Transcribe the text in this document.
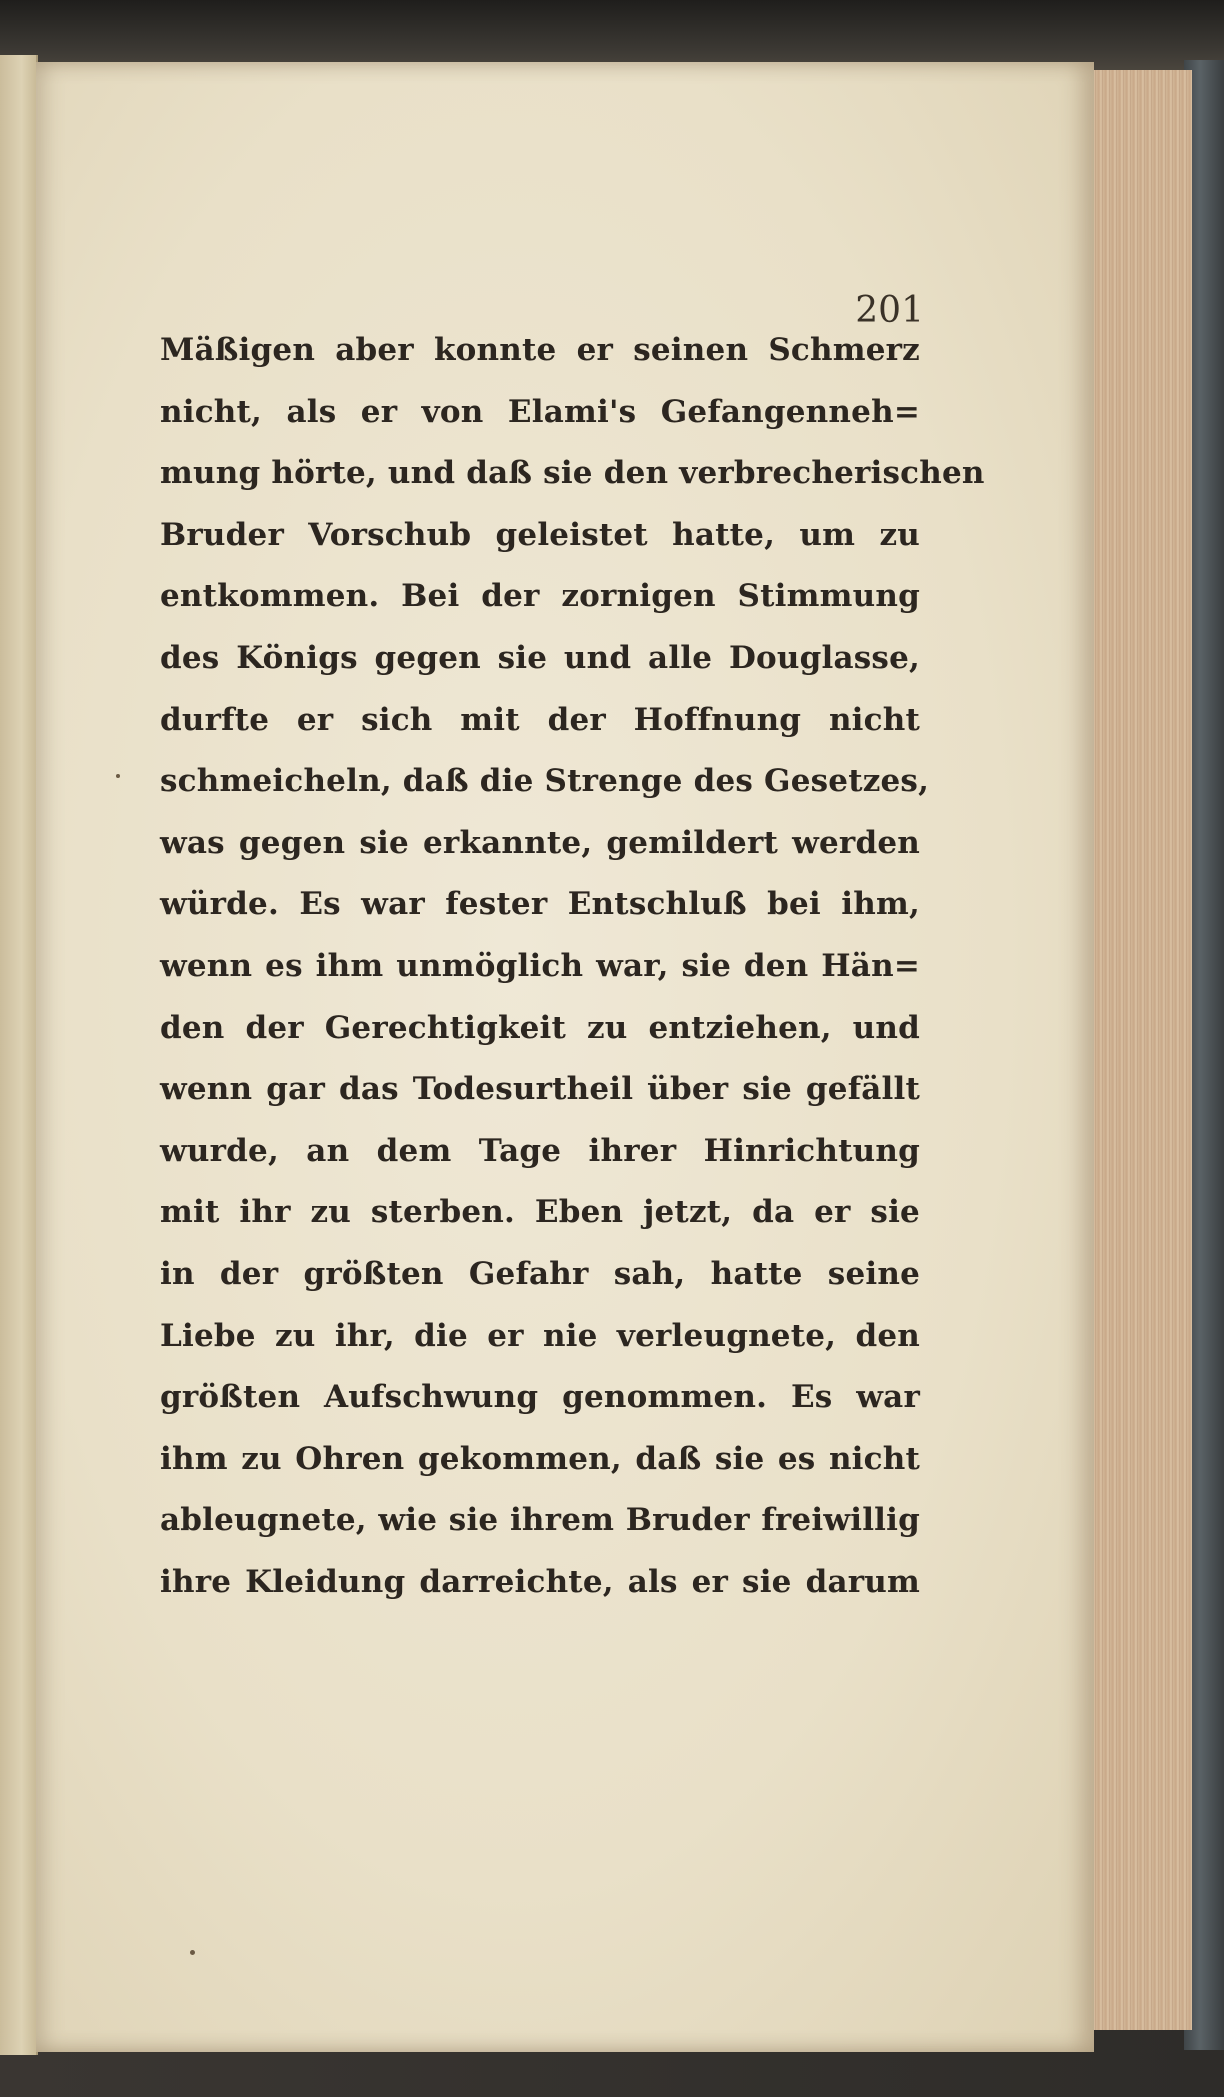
201
Mäßigen aber konnte er seinen Schmerz
nicht, als er von Elami's Gefangenneh=
mung hörte, und daß sie den verbrecherischen
Bruder Vorschub geleistet hatte, um zu
entkommen. Bei der zornigen Stimmung
des Königs gegen sie und alle Douglasse,
durfte er sich mit der Hoffnung nicht
schmeicheln, daß die Strenge des Gesetzes,
was gegen sie erkannte, gemildert werden
würde. Es war fester Entschluß bei ihm,
wenn es ihm unmöglich war, sie den Hän=
den der Gerechtigkeit zu entziehen, und
wenn gar das Todesurtheil über sie gefällt
wurde, an dem Tage ihrer Hinrichtung
mit ihr zu sterben. Eben jetzt, da er sie
in der größten Gefahr sah, hatte seine
Liebe zu ihr, die er nie verleugnete, den
größten Aufschwung genommen. Es war
ihm zu Ohren gekommen, daß sie es nicht
ableugnete, wie sie ihrem Bruder freiwillig
ihre Kleidung darreichte, als er sie darum
